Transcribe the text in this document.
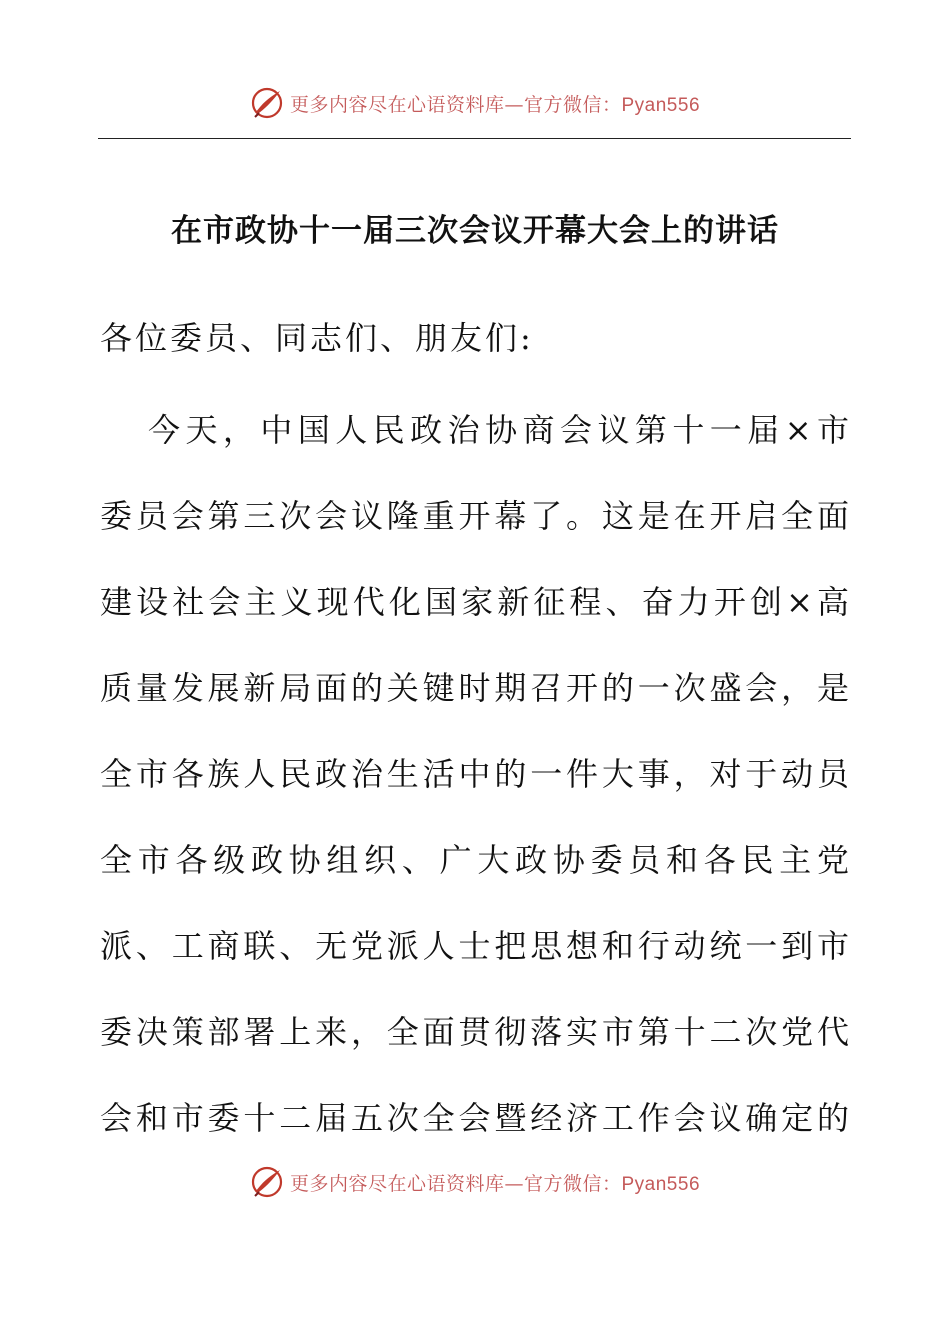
更多内容尽在心语资料库—官方微信：Pyan556
在市政协十一届三次会议开幕大会上的讲话
各位委员、同志们、朋友们:
今天，中国人民政治协商会议第十一届×市
委员会第三次会议隆重开幕了。这是在开启全面
建设社会主义现代化国家新征程、奋力开创×高
质量发展新局面的关键时期召开的一次盛会，是
全市各族人民政治生活中的一件大事，对于动员
全市各级政协组织、广大政协委员和各民主党
派、工商联、无党派人士把思想和行动统一到市
委决策部署上来，全面贯彻落实市第十二次党代
会和市委十二届五次全会暨经济工作会议确定的
更多内容尽在心语资料库—官方微信：Pyan556
